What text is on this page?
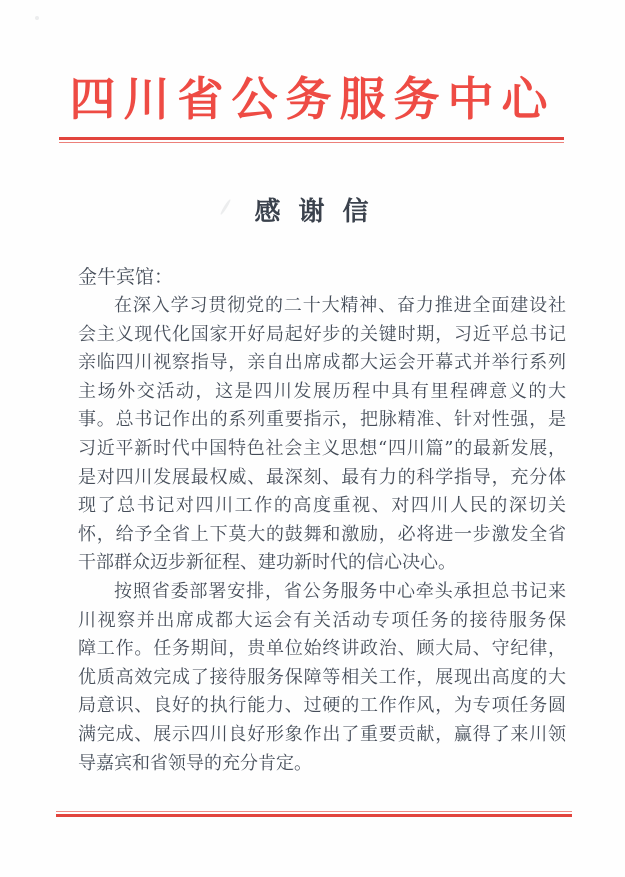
四川省公务服务中心
感 谢 信
金牛宾馆：
在深入学习贯彻党的二十大精神、奋力推进全面建设社
会主义现代化国家开好局起好步的关键时期，习近平总书记
亲临四川视察指导，亲自出席成都大运会开幕式并举行系列
主场外交活动，这是四川发展历程中具有里程碑意义的大
事。总书记作出的系列重要指示，把脉精准、针对性强，是
习近平新时代中国特色社会主义思想“四川篇”的最新发展，
是对四川发展最权威、最深刻、最有力的科学指导，充分体
现了总书记对四川工作的高度重视、对四川人民的深切关
怀，给予全省上下莫大的鼓舞和激励，必将进一步激发全省
干部群众迈步新征程、建功新时代的信心决心。
按照省委部署安排，省公务服务中心牵头承担总书记来
川视察并出席成都大运会有关活动专项任务的接待服务保
障工作。任务期间，贵单位始终讲政治、顾大局、守纪律，
优质高效完成了接待服务保障等相关工作，展现出高度的大
局意识、良好的执行能力、过硬的工作作风，为专项任务圆
满完成、展示四川良好形象作出了重要贡献，赢得了来川领
导嘉宾和省领导的充分肯定。
